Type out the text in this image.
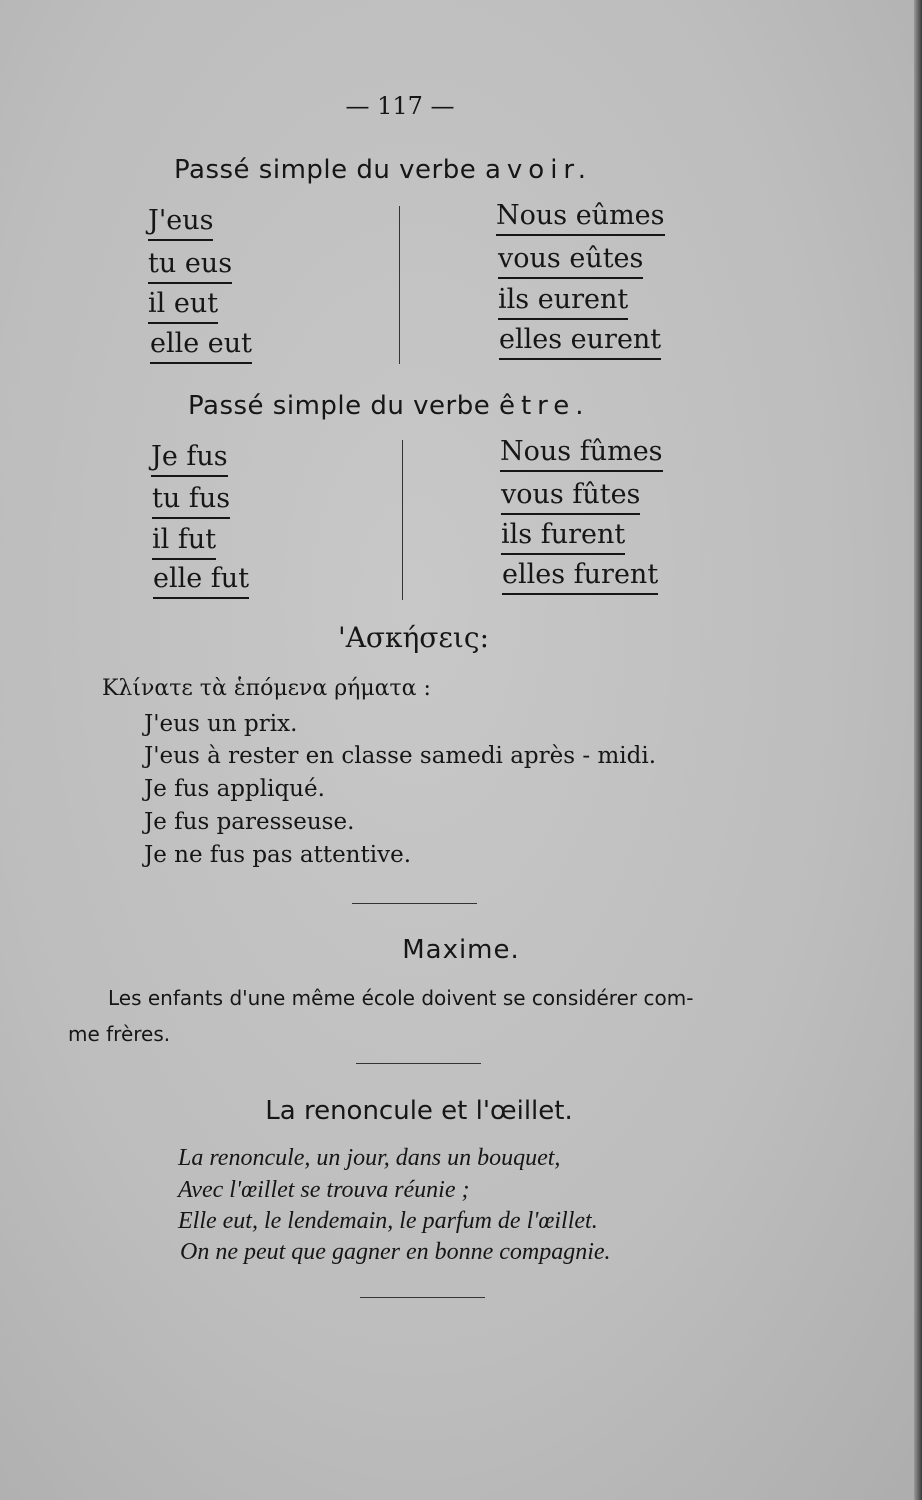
— 117 —
Passé simple du verbe avoir.
J'eus
tu eus
il eut
elle eut
Nous eûmes
vous eûtes
ils eurent
elles eurent
Passé simple du verbe être.
Je fus
tu fus
il fut
elle fut
Nous fûmes
vous fûtes
ils furent
elles furent
'Ασκήσεις:
Κλίνατε τὰ ἑπόμενα ρήματα :
J'eus un prix.
J'eus à rester en classe samedi après - midi.
Je fus appliqué.
Je fus paresseuse.
Je ne fus pas attentive.
Maxime.
Les enfants d'une même école doivent se considérer com-
me frères.
La renoncule et l'œillet.
La renoncule, un jour, dans un bouquet,
Avec l'œillet se trouva réunie ;
Elle eut, le lendemain, le parfum de l'œillet.
On ne peut que gagner en bonne compagnie.
